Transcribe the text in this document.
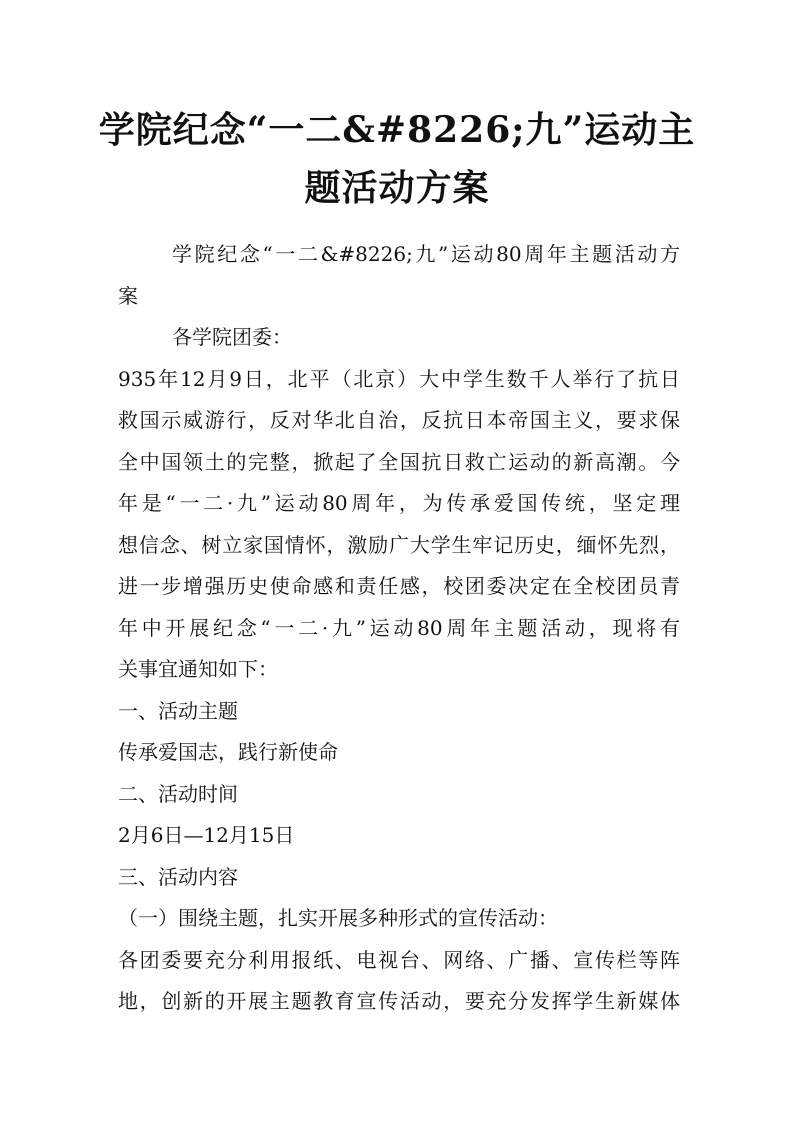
学院纪念“一二&#8226;九”运动主
题活动方案
学院纪念“一二&#8226;九”运动80周年主题活动方
案
各学院团委：
935年12月9日，北平（北京）大中学生数千人举行了抗日
救国示威游行，反对华北自治，反抗日本帝国主义，要求保
全中国领土的完整，掀起了全国抗日救亡运动的新高潮。今
年是“一二·九”运动80周年，为传承爱国传统，坚定理
想信念、树立家国情怀，激励广大学生牢记历史，缅怀先烈，
进一步增强历史使命感和责任感，校团委决定在全校团员青
年中开展纪念“一二·九”运动80周年主题活动，现将有
关事宜通知如下：
一、活动主题
传承爱国志，践行新使命
二、活动时间
2月6日—12月15日
三、活动内容
（一）围绕主题，扎实开展多种形式的宣传活动：
各团委要充分利用报纸、电视台、网络、广播、宣传栏等阵
地，创新的开展主题教育宣传活动，要充分发挥学生新媒体
